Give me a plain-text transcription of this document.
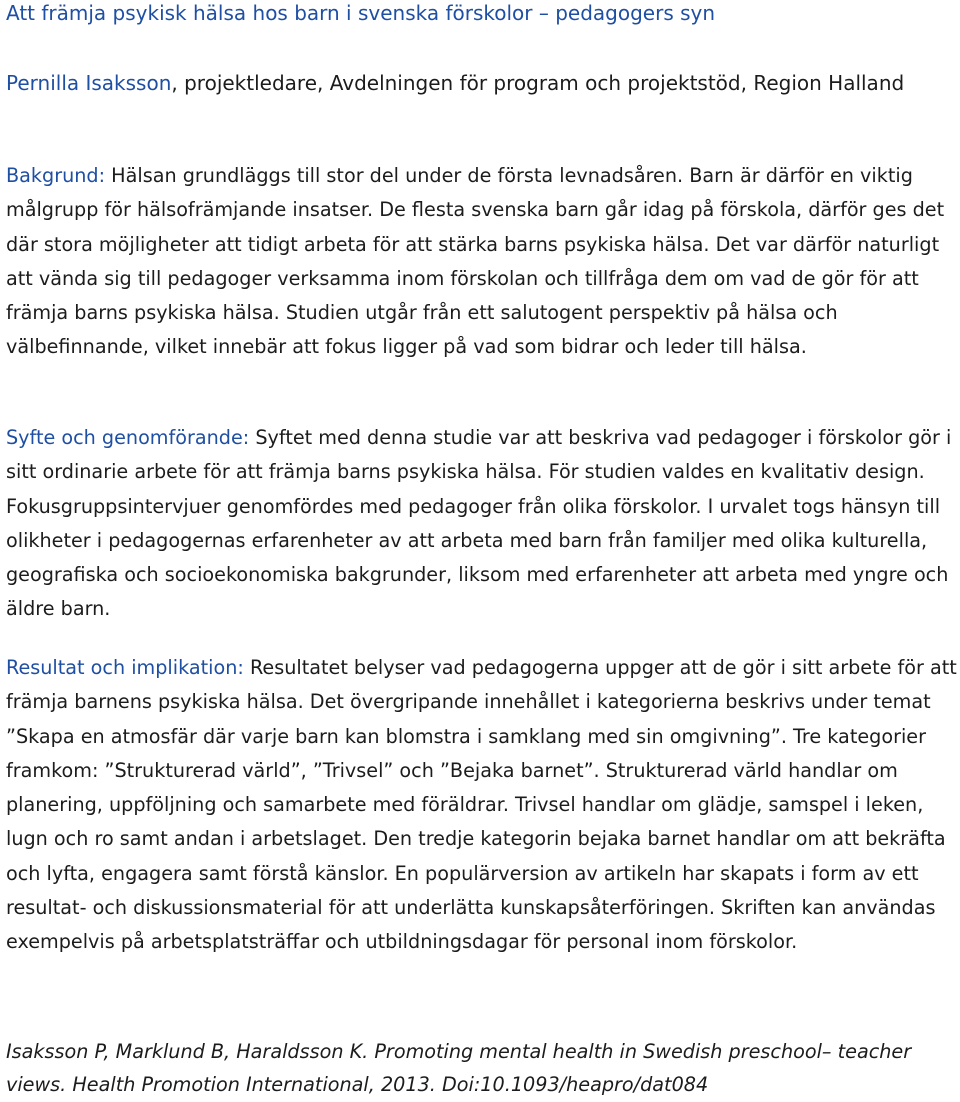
Att främja psykisk hälsa hos barn i svenska förskolor – pedagogers syn
Pernilla Isaksson, projektledare, Avdelningen för program och projektstöd, Region Halland

Bakgrund: Hälsan grundläggs till stor del under de första levnadsåren. Barn är därför en viktig målgrupp för hälsofrämjande insatser. De flesta svenska barn går idag på förskola, därför ges det där stora möjligheter att tidigt arbeta för att stärka barns psykiska hälsa. Det var därför naturligt att vända sig till pedagoger verksamma inom förskolan och tillfråga dem om vad de gör för att främja barns psykiska hälsa. Studien utgår från ett salutogent perspektiv på hälsa och välbefinnande, vilket innebär att fokus ligger på vad som bidrar och leder till hälsa.

Syfte och genomförande: Syftet med denna studie var att beskriva vad pedagoger i förskolor gör i sitt ordinarie arbete för att främja barns psykiska hälsa. För studien valdes en kvalitativ design. Fokusgruppsintervjuer genomfördes med pedagoger från olika förskolor. I urvalet togs hänsyn till olikheter i pedagogernas erfarenheter av att arbeta med barn från familjer med olika kulturella, geografiska och socioekonomiska bakgrunder, liksom med erfarenheter att arbeta med yngre och äldre barn.

Resultat och implikation: Resultatet belyser vad pedagogerna uppger att de gör i sitt arbete för att främja barnens psykiska hälsa. Det övergripande innehållet i kategorierna beskrivs under temat ”Skapa en atmosfär där varje barn kan blomstra i samklang med sin omgivning”. Tre kategorier framkom: ”Strukturerad värld”, ”Trivsel” och ”Bejaka barnet”. Strukturerad värld handlar om planering, uppföljning och samarbete med föräldrar. Trivsel handlar om glädje, samspel i leken, lugn och ro samt andan i arbetslaget. Den tredje kategorin bejaka barnet handlar om att bekräfta och lyfta, engagera samt förstå känslor. En populärversion av artikeln har skapats i form av ett resultat- och diskussionsmaterial för att underlätta kunskapsåterföringen. Skriften kan användas exempelvis på arbetsplatsträffar och utbildningsdagar för personal inom förskolor.

Isaksson P, Marklund B, Haraldsson K. Promoting mental health in Swedish preschool– teacher views. Health Promotion International, 2013. Doi:10.1093/heapro/dat084
